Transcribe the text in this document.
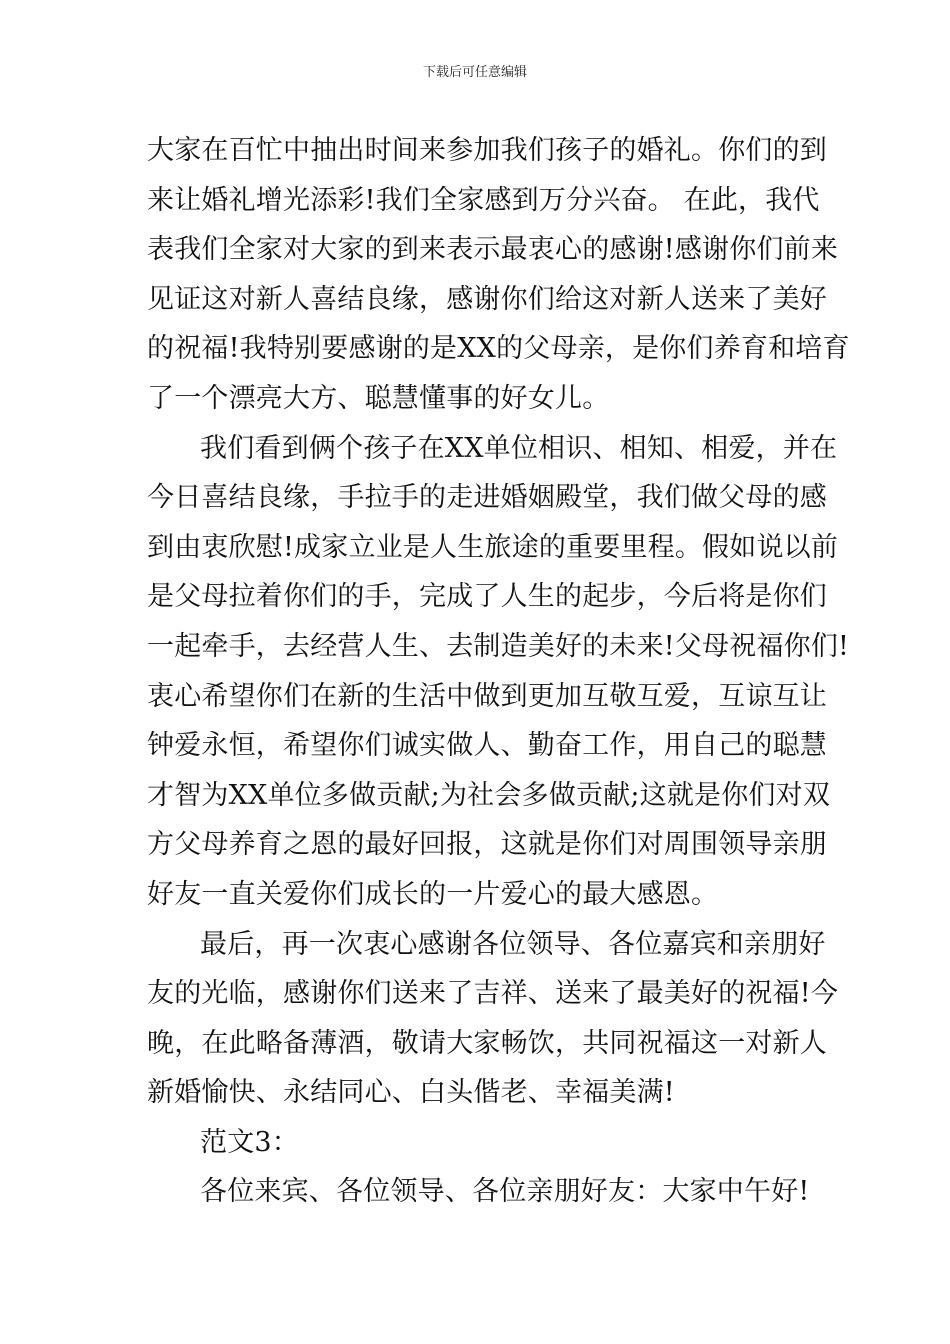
下载后可任意编辑
大家在百忙中抽出时间来参加我们孩子的婚礼。你们的到
来让婚礼增光添彩!我们全家感到万分兴奋。 在此，我代
表我们全家对大家的到来表示最衷心的感谢!感谢你们前来
见证这对新人喜结良缘，感谢你们给这对新人送来了美好
的祝福!我特别要感谢的是XX的父母亲，是你们养育和培育
了一个漂亮大方、聪慧懂事的好女儿。
我们看到俩个孩子在XX单位相识、相知、相爱，并在
今日喜结良缘，手拉手的走进婚姻殿堂，我们做父母的感
到由衷欣慰!成家立业是人生旅途的重要里程。假如说以前
是父母拉着你们的手，完成了人生的起步，今后将是你们
一起牵手，去经营人生、去制造美好的未来!父母祝福你们!
衷心希望你们在新的生活中做到更加互敬互爱，互谅互让
钟爱永恒，希望你们诚实做人、勤奋工作，用自己的聪慧
才智为XX单位多做贡献;为社会多做贡献;这就是你们对双
方父母养育之恩的最好回报，这就是你们对周围领导亲朋
好友一直关爱你们成长的一片爱心的最大感恩。
最后，再一次衷心感谢各位领导、各位嘉宾和亲朋好
友的光临，感谢你们送来了吉祥、送来了最美好的祝福!今
晚，在此略备薄酒，敬请大家畅饮，共同祝福这一对新人
新婚愉快、永结同心、白头偕老、幸福美满!
范文3：
各位来宾、各位领导、各位亲朋好友：大家中午好!
